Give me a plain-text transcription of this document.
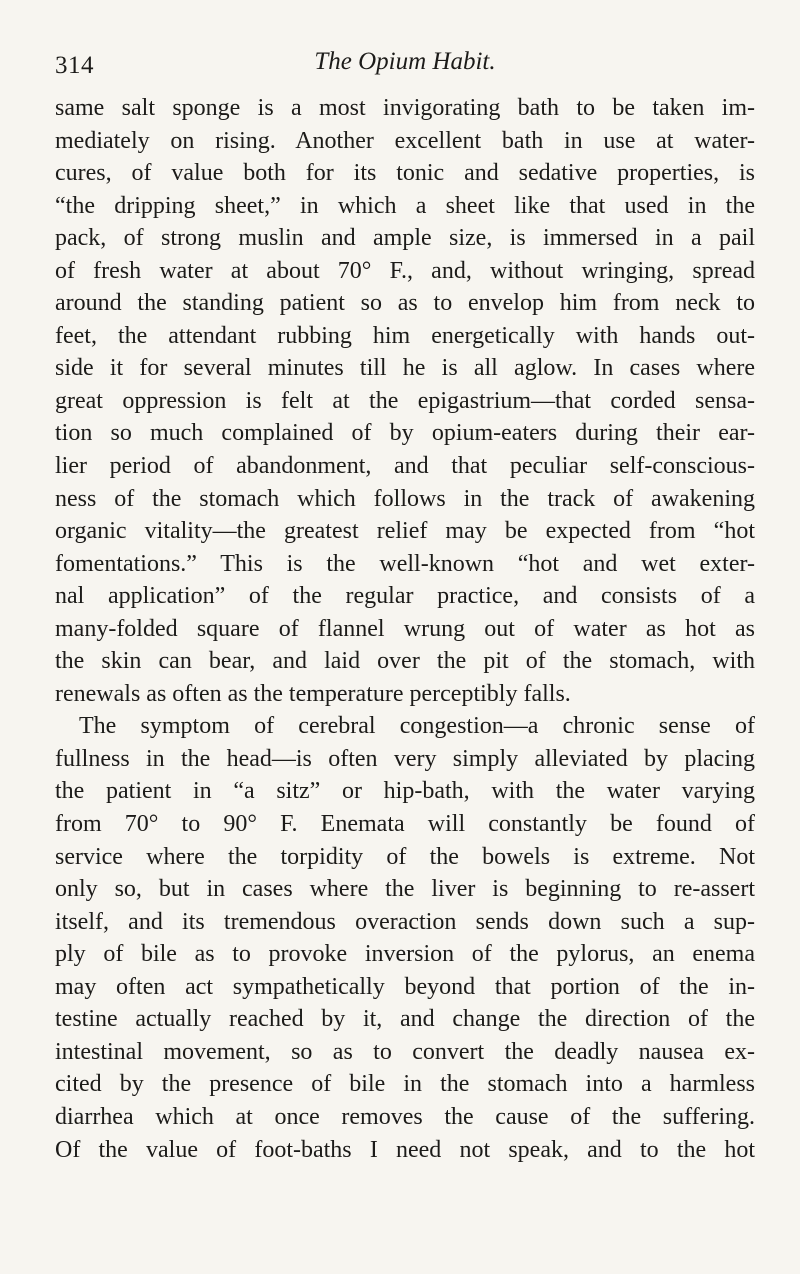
314	The Opium Habit.
same salt sponge is a most invigorating bath to be taken im-
mediately on rising. Another excellent bath in use at water-
cures, of value both for its tonic and sedative properties, is
“the dripping sheet,” in which a sheet like that used in the
pack, of strong muslin and ample size, is immersed in a pail
of fresh water at about 70° F., and, without wringing, spread
around the standing patient so as to envelop him from neck to
feet, the attendant rubbing him energetically with hands out-
side it for several minutes till he is all aglow. In cases where
great oppression is felt at the epigastrium—that corded sensa-
tion so much complained of by opium-eaters during their ear-
lier period of abandonment, and that peculiar self-conscious-
ness of the stomach which follows in the track of awakening
organic vitality—the greatest relief may be expected from “hot
fomentations.” This is the well-known “hot and wet exter-
nal application” of the regular practice, and consists of a
many-folded square of flannel wrung out of water as hot as
the skin can bear, and laid over the pit of the stomach, with
renewals as often as the temperature perceptibly falls.
The symptom of cerebral congestion—a chronic sense of
fullness in the head—is often very simply alleviated by placing
the patient in “a sitz” or hip-bath, with the water varying
from 70° to 90° F. Enemata will constantly be found of
service where the torpidity of the bowels is extreme. Not
only so, but in cases where the liver is beginning to re-assert
itself, and its tremendous overaction sends down such a sup-
ply of bile as to provoke inversion of the pylorus, an enema
may often act sympathetically beyond that portion of the in-
testine actually reached by it, and change the direction of the
intestinal movement, so as to convert the deadly nausea ex-
cited by the presence of bile in the stomach into a harmless
diarrhea which at once removes the cause of the suffering.
Of the value of foot-baths I need not speak, and to the hot
